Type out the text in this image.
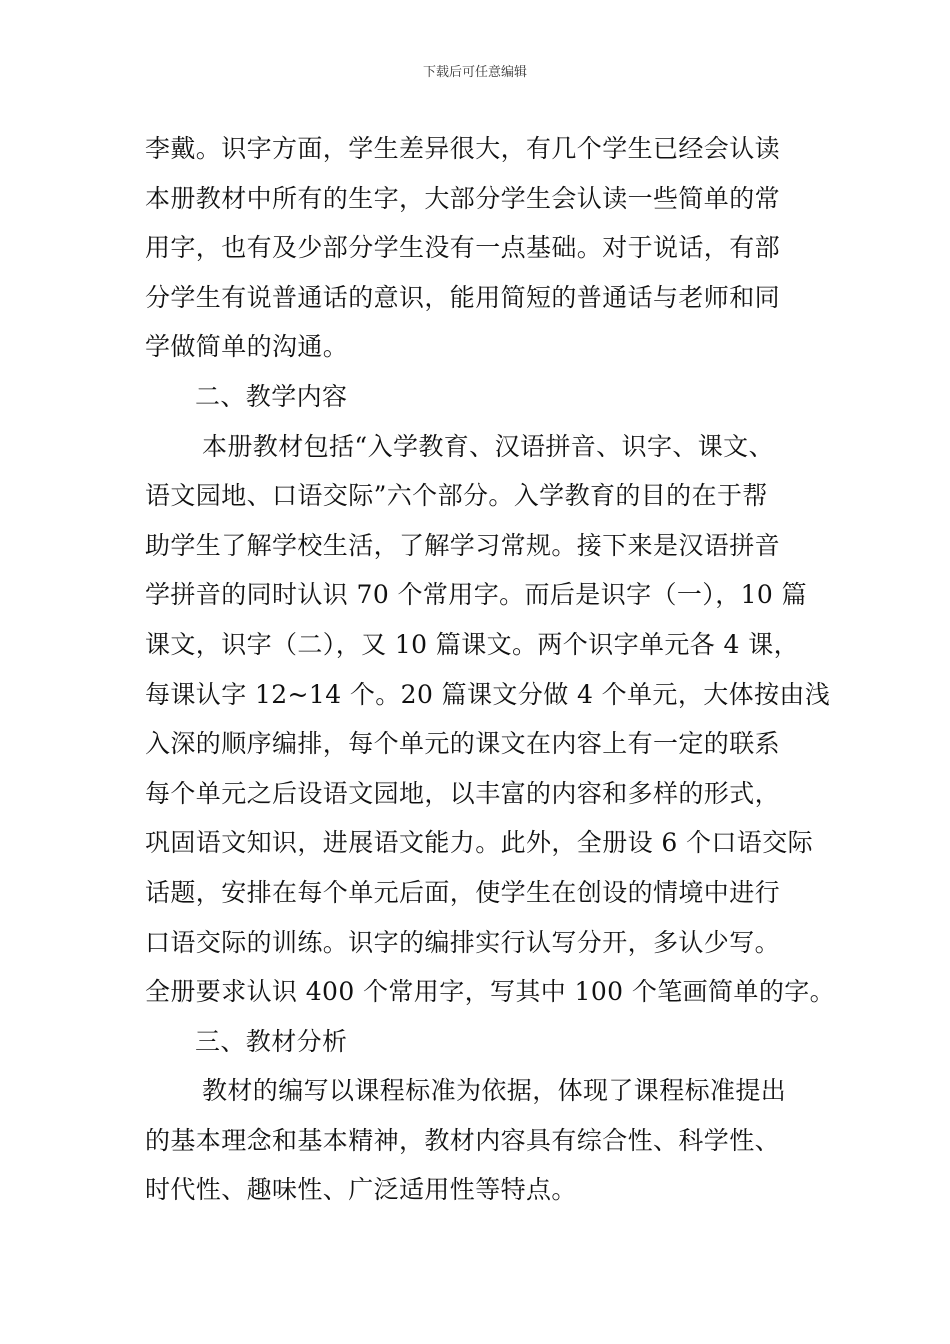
下载后可任意编辑
李戴。识字方面，学生差异很大，有几个学生已经会认读
本册教材中所有的生字，大部分学生会认读一些简单的常
用字，也有及少部分学生没有一点基础。对于说话，有部
分学生有说普通话的意识，能用简短的普通话与老师和同
学做简单的沟通。
二、教学内容
本册教材包括“入学教育、汉语拼音、识字、课文、
语文园地、口语交际”六个部分。入学教育的目的在于帮
助学生了解学校生活，了解学习常规。接下来是汉语拼音
学拼音的同时认识 70 个常用字。而后是识字（一），10 篇
课文，识字（二），又 10 篇课文。两个识字单元各 4 课，
每课认字 12~14 个。20 篇课文分做 4 个单元，大体按由浅
入深的顺序编排，每个单元的课文在内容上有一定的联系
每个单元之后设语文园地，以丰富的内容和多样的形式，
巩固语文知识，进展语文能力。此外，全册设 6 个口语交际
话题，安排在每个单元后面，使学生在创设的情境中进行
口语交际的训练。识字的编排实行认写分开，多认少写。
全册要求认识 400 个常用字，写其中 100 个笔画简单的字。
三、教材分析
教材的编写以课程标准为依据，体现了课程标准提出
的基本理念和基本精神，教材内容具有综合性、科学性、
时代性、趣味性、广泛适用性等特点。
